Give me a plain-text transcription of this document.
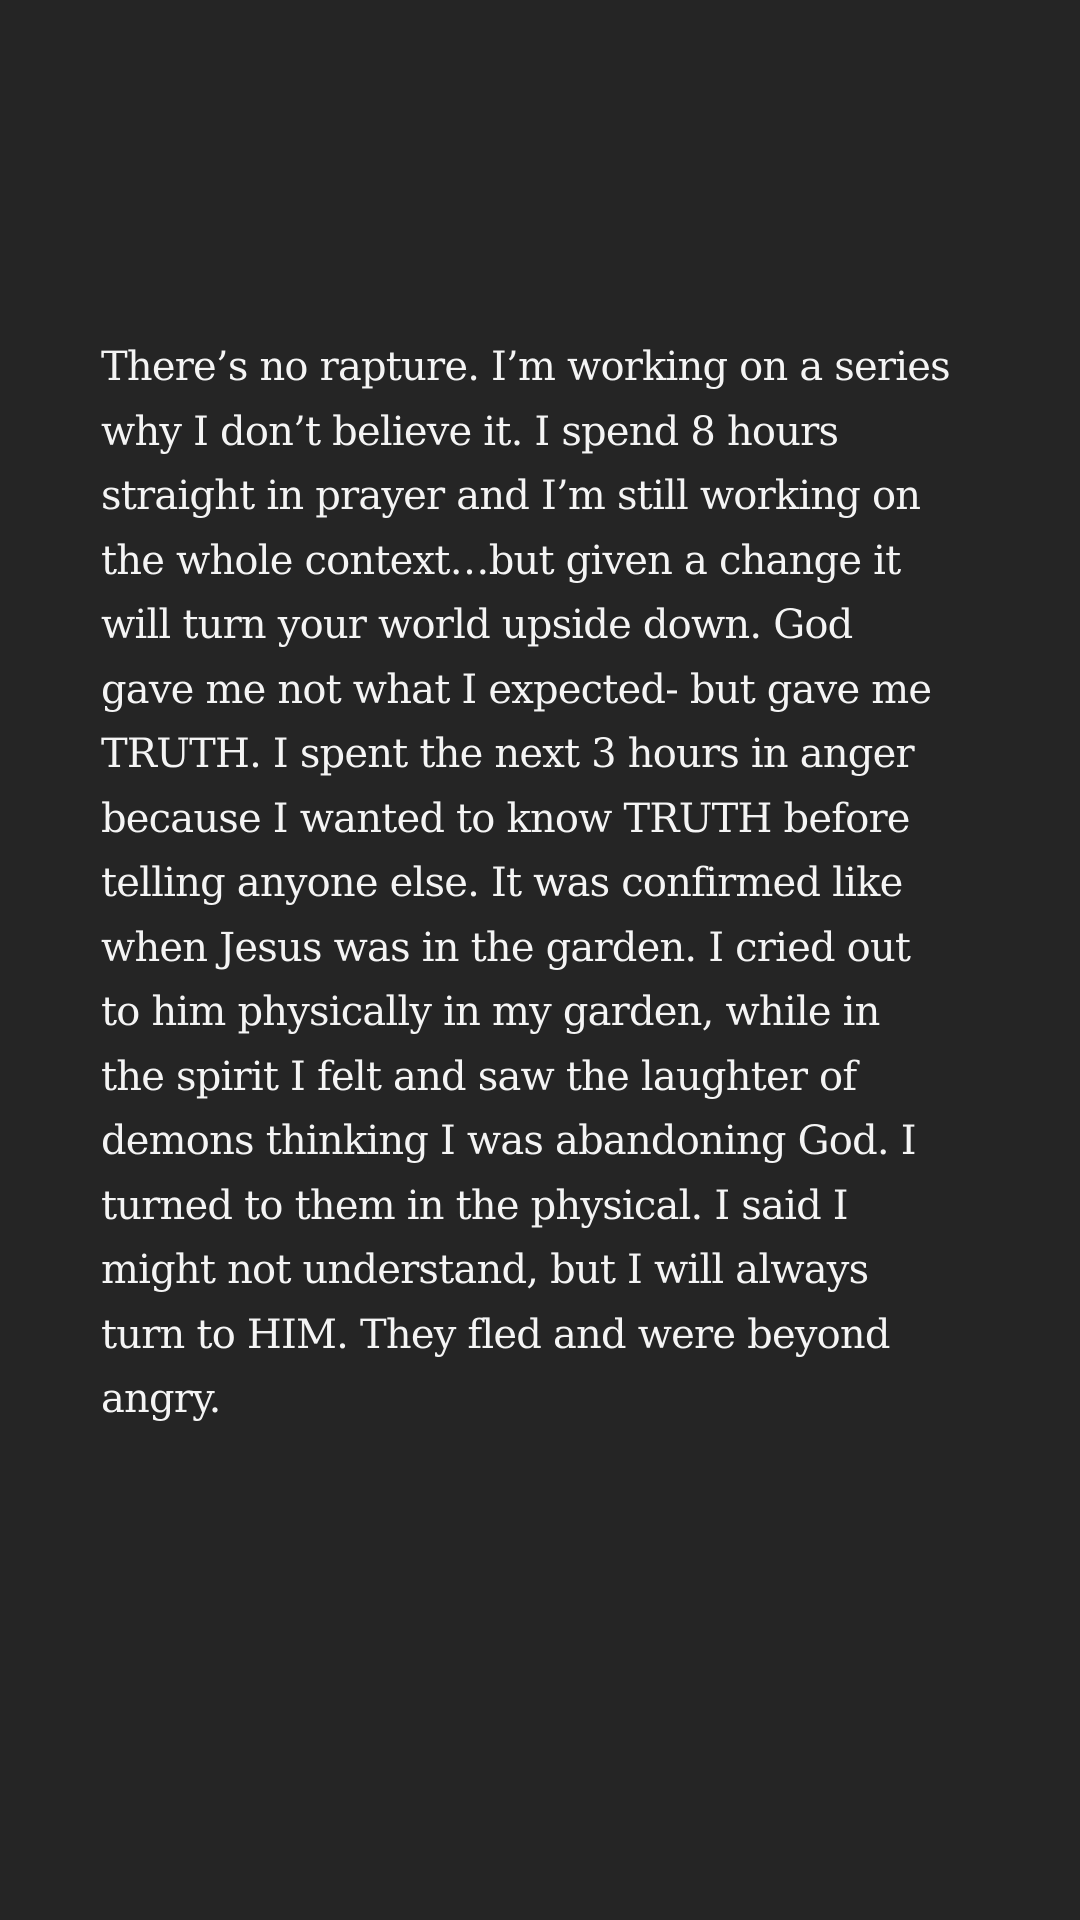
There’s no rapture. I’m working on a series
why I don’t believe it. I spend 8 hours
straight in prayer and I’m still working on
the whole context…but given a change it
will turn your world upside down. God
gave me not what I expected- but gave me
TRUTH. I spent the next 3 hours in anger
because I wanted to know TRUTH before
telling anyone else. It was confirmed like
when Jesus was in the garden. I cried out
to him physically in my garden, while in
the spirit I felt and saw the laughter of
demons thinking I was abandoning God. I
turned to them in the physical. I said I
might not understand, but I will always
turn to HIM. They fled and were beyond
angry.
